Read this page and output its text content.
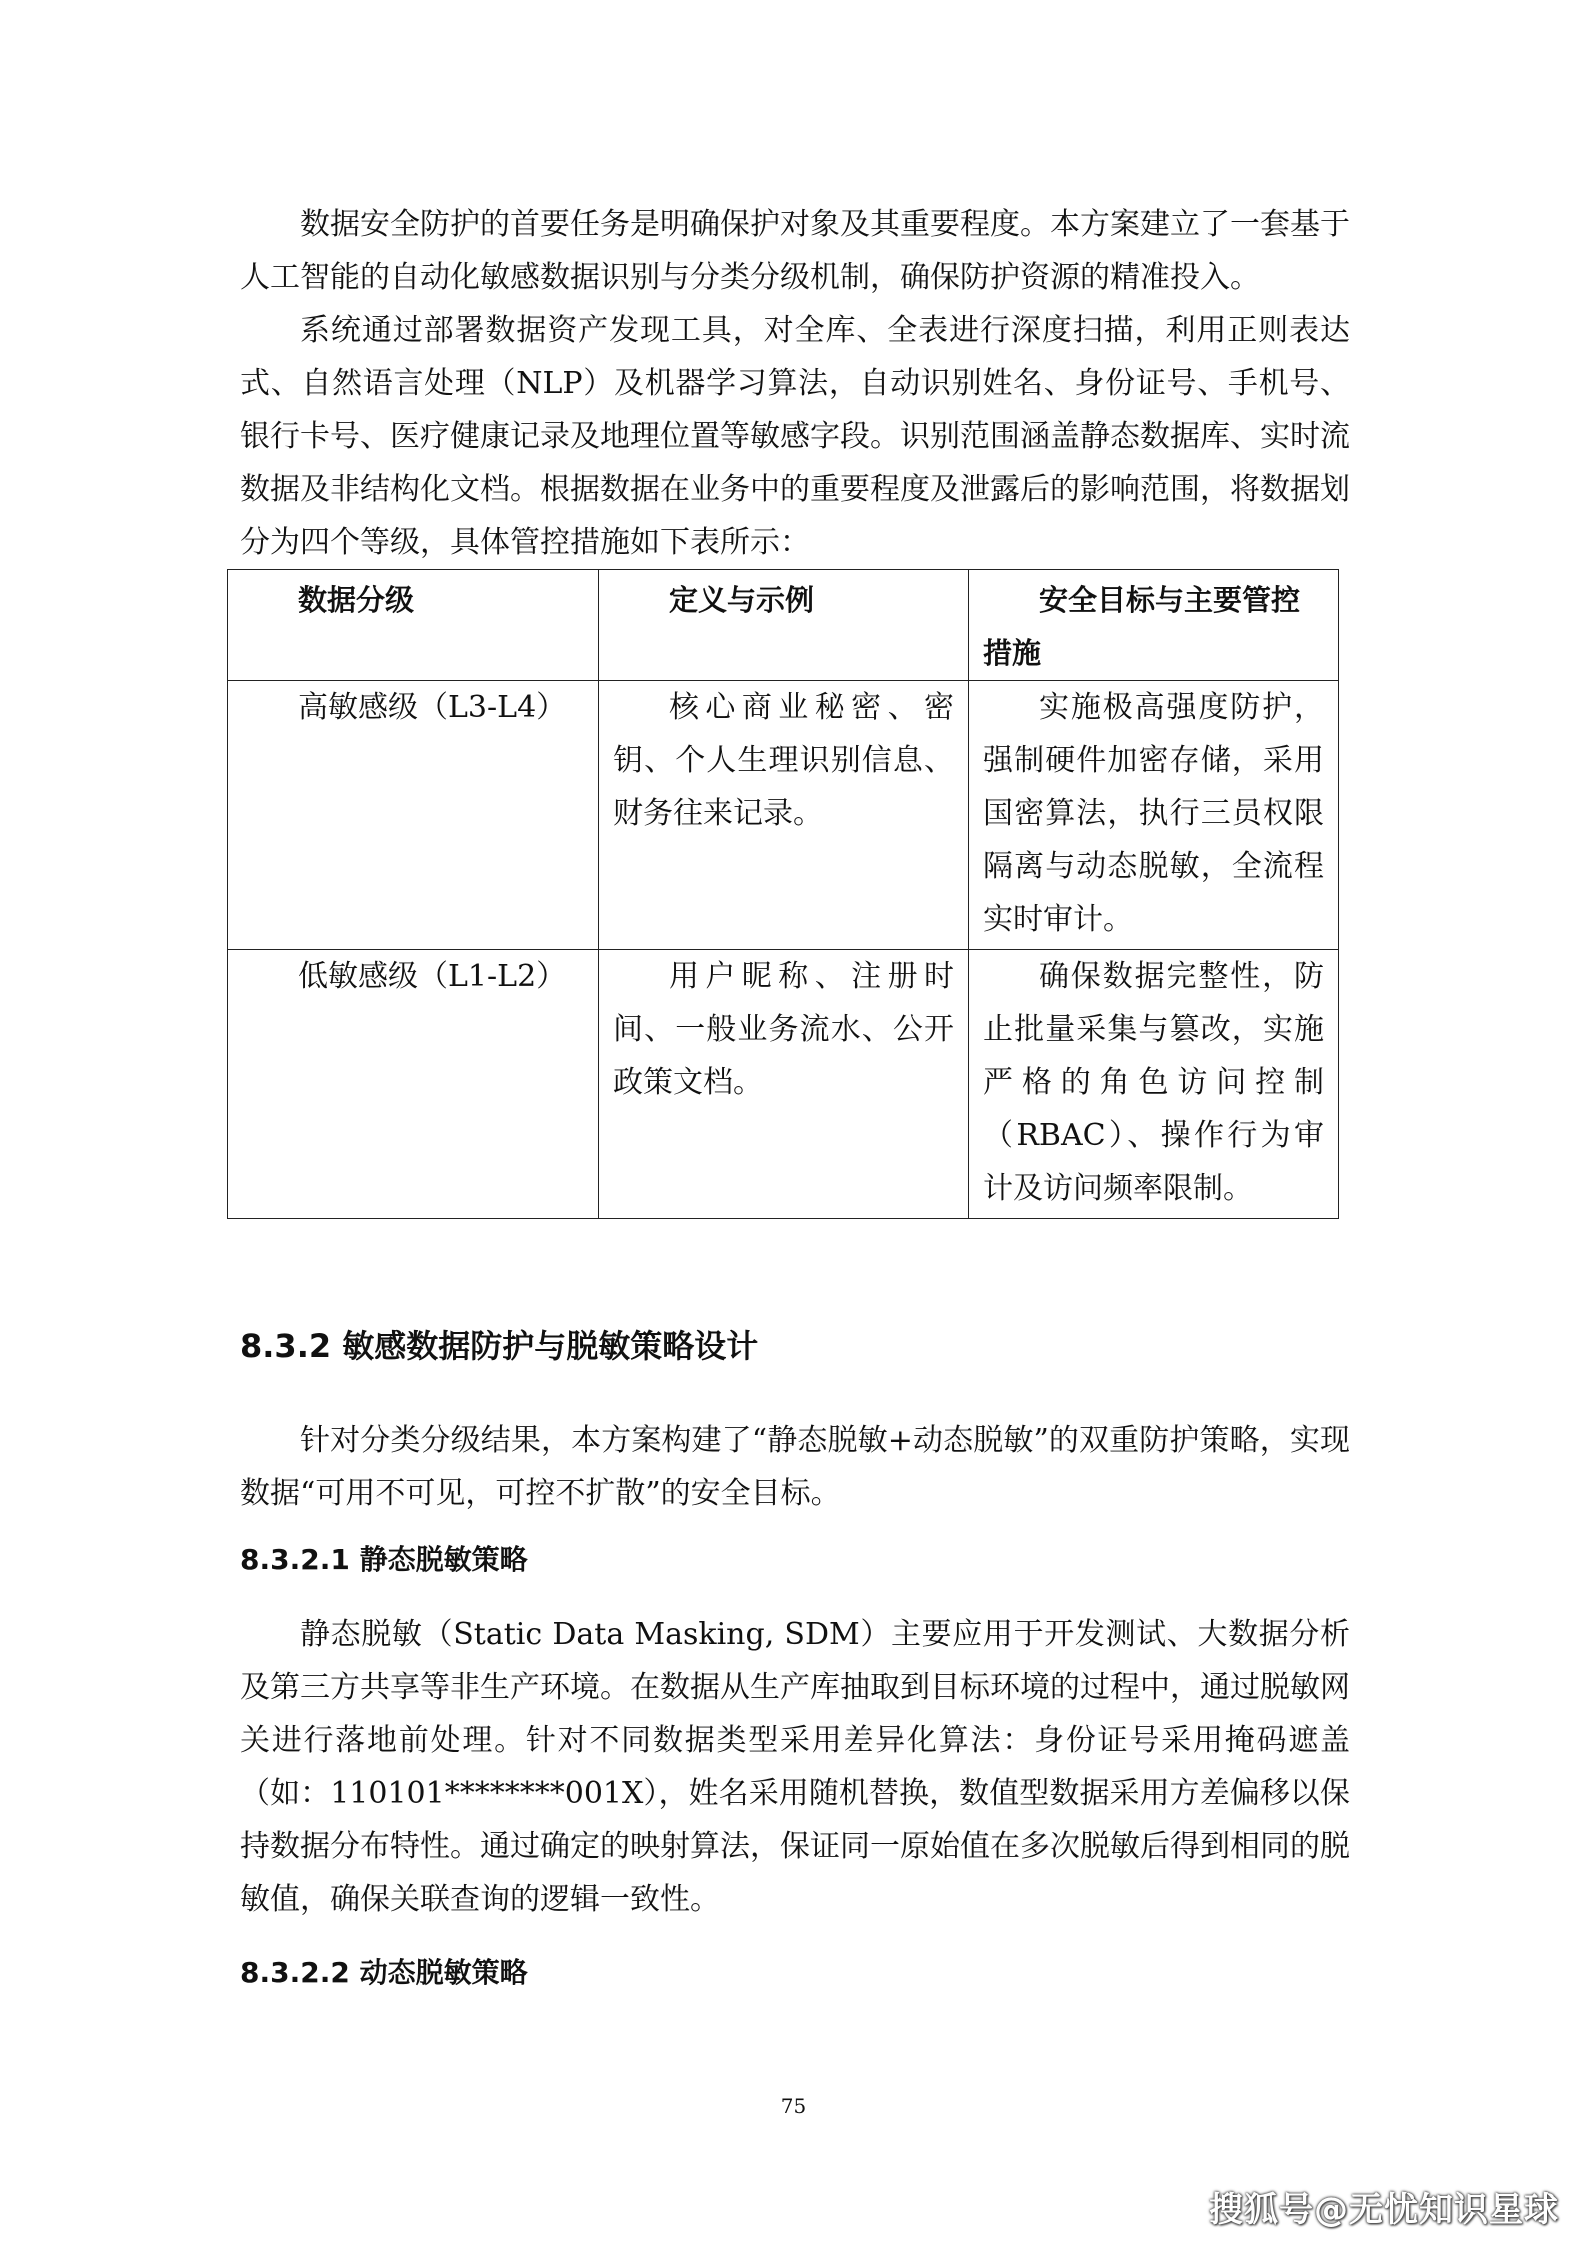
数据安全防护的首要任务是明确保护对象及其重要程度。本方案建立了一套基于人工智能的自动化敏感数据识别与分类分级机制，确保防护资源的精准投入。

系统通过部署数据资产发现工具，对全库、全表进行深度扫描，利用正则表达式、自然语言处理（NLP）及机器学习算法，自动识别姓名、身份证号、手机号、银行卡号、医疗健康记录及地理位置等敏感字段。识别范围涵盖静态数据库、实时流数据及非结构化文档。根据数据在业务中的重要程度及泄露后的影响范围，将数据划分为四个等级，具体管控措施如下表所示：

数据分级	定义与示例	安全目标与主要管控措施

高敏感级（L3-L4）	核心商业秘密、密钥、个人生理识别信息、财务往来记录。	实施极高强度防护，强制硬件加密存储，采用国密算法，执行三员权限隔离与动态脱敏，全流程实时审计。

低敏感级（L1-L2）	用户昵称、注册时间、一般业务流水、公开政策文档。	确保数据完整性，防止批量采集与篡改，实施严格的角色访问控制（RBAC）、操作行为审计及访问频率限制。
8.3.2 敏感数据防护与脱敏策略设计

针对分类分级结果，本方案构建了“静态脱敏+动态脱敏”的双重防护策略，实现数据“可用不可见，可控不扩散”的安全目标。

8.3.2.1 静态脱敏策略

静态脱敏（Static Data Masking, SDM）主要应用于开发测试、大数据分析及第三方共享等非生产环境。在数据从生产库抽取到目标环境的过程中，通过脱敏网关进行落地前处理。针对不同数据类型采用差异化算法：身份证号采用掩码遮盖（如：110101********001X），姓名采用随机替换，数值型数据采用方差偏移以保持数据分布特性。通过确定的映射算法，保证同一原始值在多次脱敏后得到相同的脱敏值，确保关联查询的逻辑一致性。

8.3.2.2 动态脱敏策略
75
搜狐号@无忧知识星球
